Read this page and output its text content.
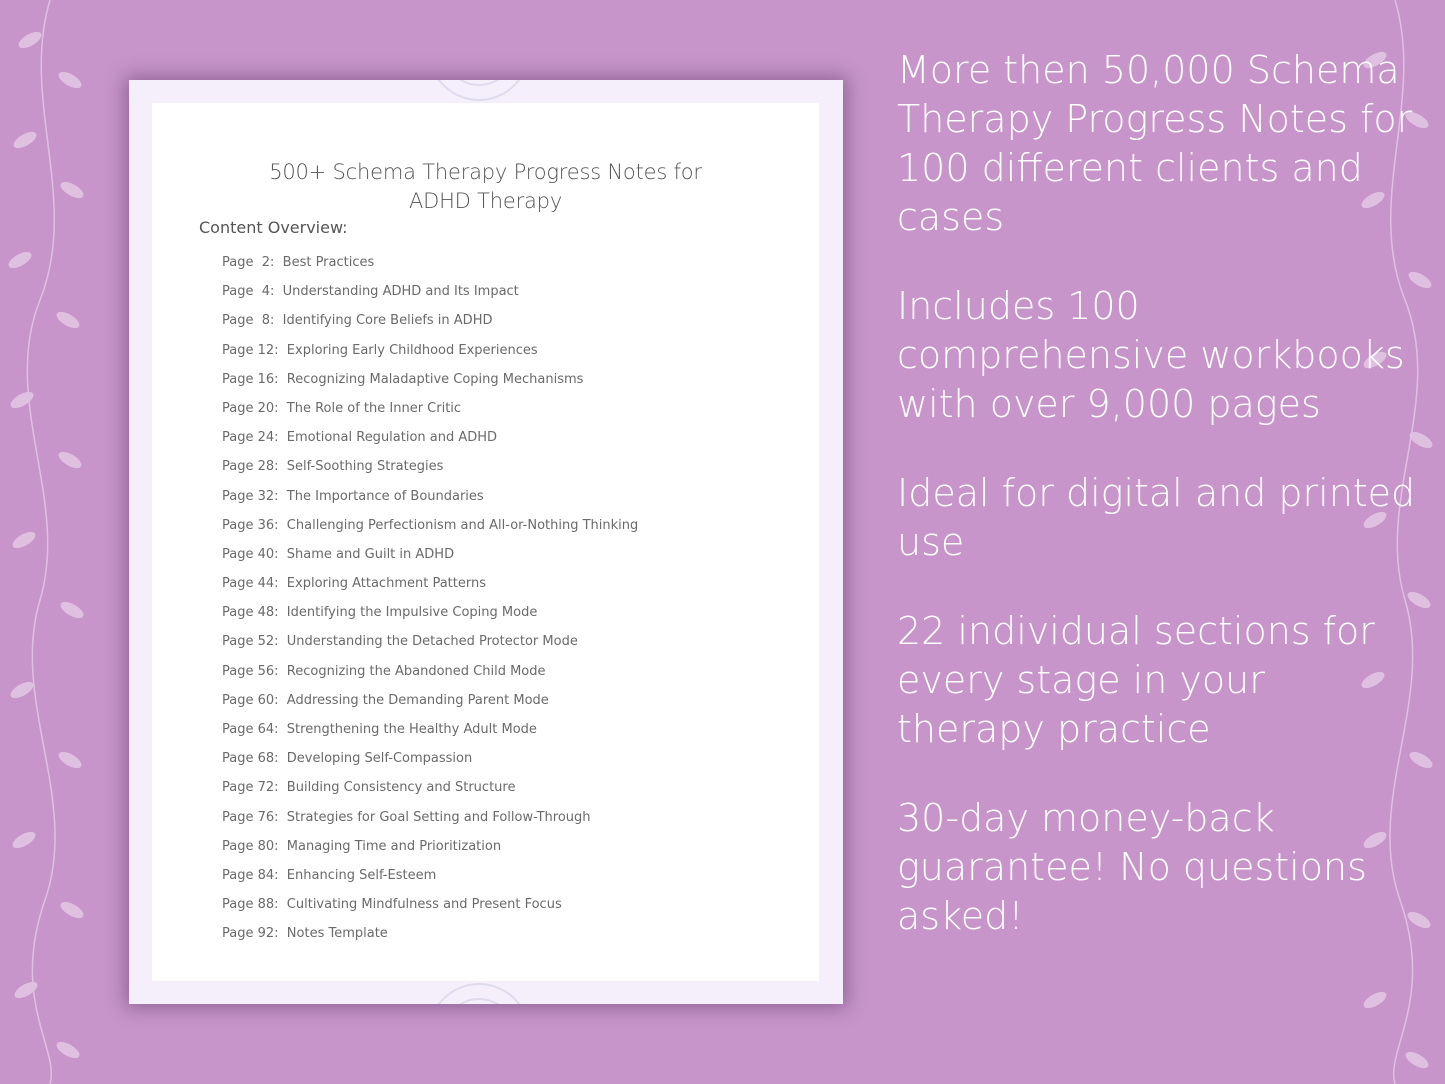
500+ Schema Therapy Progress Notes for
ADHD Therapy
Content Overview:
Page  2: Best Practices
Page  4: Understanding ADHD and Its Impact
Page  8: Identifying Core Beliefs in ADHD
Page 12: Exploring Early Childhood Experiences
Page 16: Recognizing Maladaptive Coping Mechanisms
Page 20: The Role of the Inner Critic
Page 24: Emotional Regulation and ADHD
Page 28: Self-Soothing Strategies
Page 32: The Importance of Boundaries
Page 36: Challenging Perfectionism and All-or-Nothing Thinking
Page 40: Shame and Guilt in ADHD
Page 44: Exploring Attachment Patterns
Page 48: Identifying the Impulsive Coping Mode
Page 52: Understanding the Detached Protector Mode
Page 56: Recognizing the Abandoned Child Mode
Page 60: Addressing the Demanding Parent Mode
Page 64: Strengthening the Healthy Adult Mode
Page 68: Developing Self-Compassion
Page 72: Building Consistency and Structure
Page 76: Strategies for Goal Setting and Follow-Through
Page 80: Managing Time and Prioritization
Page 84: Enhancing Self-Esteem
Page 88: Cultivating Mindfulness and Present Focus
Page 92: Notes Template

More then 50,000 Schema Therapy Progress Notes for 100 different clients and cases

Includes 100 comprehensive workbooks with over 9,000 pages

Ideal for digital and printed use

22 individual sections for every stage in your therapy practice

30-day money-back guarantee! No questions asked!
